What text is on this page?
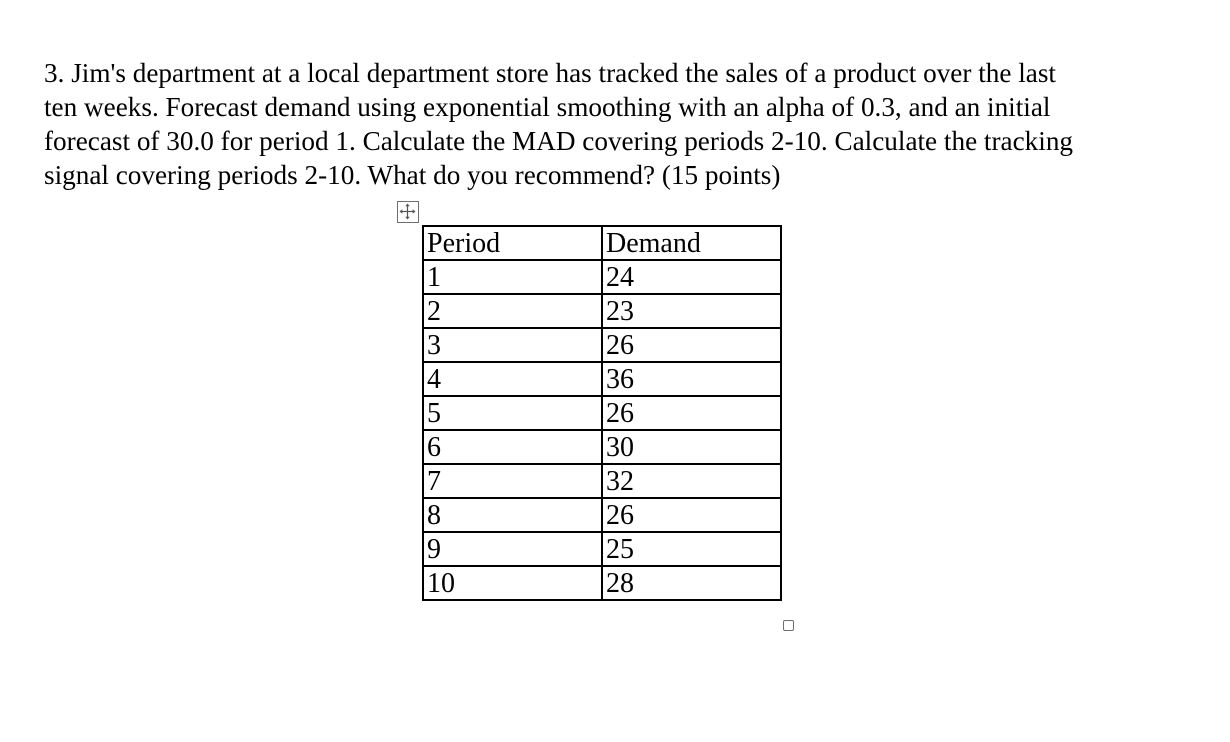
3. Jim's department at a local department store has tracked the sales of a product over the last
ten weeks. Forecast demand using exponential smoothing with an alpha of 0.3, and an initial
forecast of 30.0 for period 1. Calculate the MAD covering periods 2-10. Calculate the tracking
signal covering periods 2-10. What do you recommend? (15 points)

Period	Demand
1	24
2	23
3	26
4	36
5	26
6	30
7	32
8	26
9	25
10	28
